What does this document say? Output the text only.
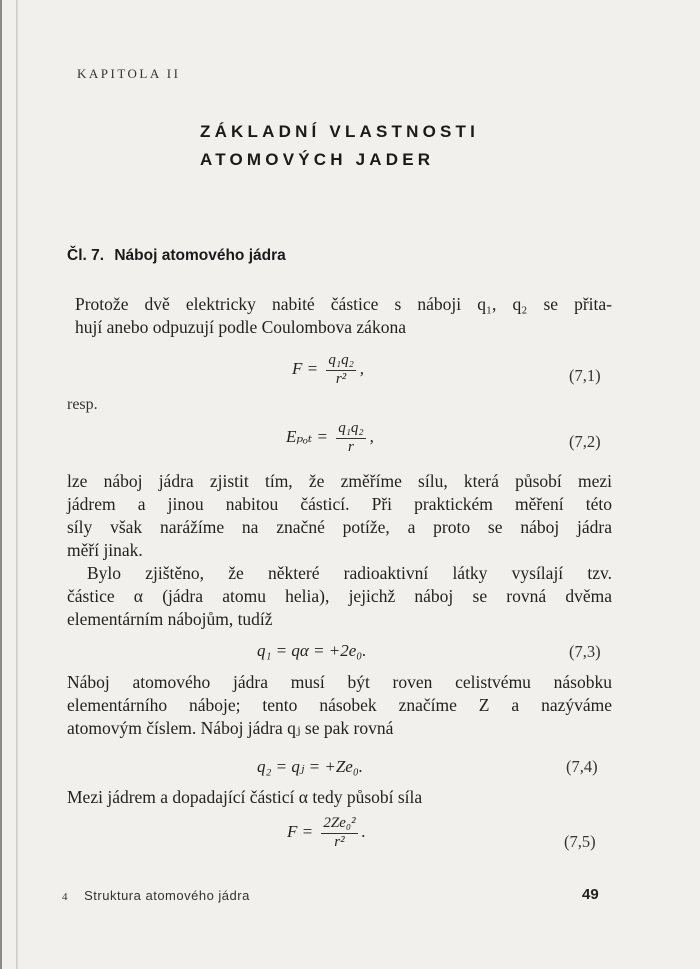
KAPITOLA II
ZÁKLADNÍ VLASTNOSTI
ATOMOVÝCH JADER
Čl. 7. Náboj atomového jádra
Protože dvě elektricky nabité částice s náboji q₁, q₂ se přita-
hují anebo odpuzují podle Coulombova zákona
$F = \frac{\text{q₁q₂}}{\text{r²}}$ ,	(7,1)
resp.
$E_{pot} = \frac{\text{q₁q₂}}{r}$ ,	(7,2)
lze náboj jádra zjistit tím, že změříme sílu, která působí mezi
jádrem a jinou nabitou částicí. Při praktickém měření této
síly však narážíme na značné potíže, a proto se náboj jádra
měří jinak.
Bylo zjištěno, že některé radioaktivní látky vysílají tzv.
částice α (jádra atomu helia), jejichž náboj se rovná dvěma
elementárním nábojům, tudíž
q₁ = qα = +2e₀.	(7,3)
Náboj atomového jádra musí být roven celistvému násobku
elementárního náboje; tento násobek značíme Z a nazýváme
atomovým číslem. Náboj jádra qⱼ se pak rovná
q₂ = qⱼ = +Ze₀.	(7,4)
Mezi jádrem a dopadající částicí α tedy působí síla
$F = \frac{\text{2Ze₀²}}{\text{r²}}$ .
(7,5)
4 Struktura atomového jádra	49
